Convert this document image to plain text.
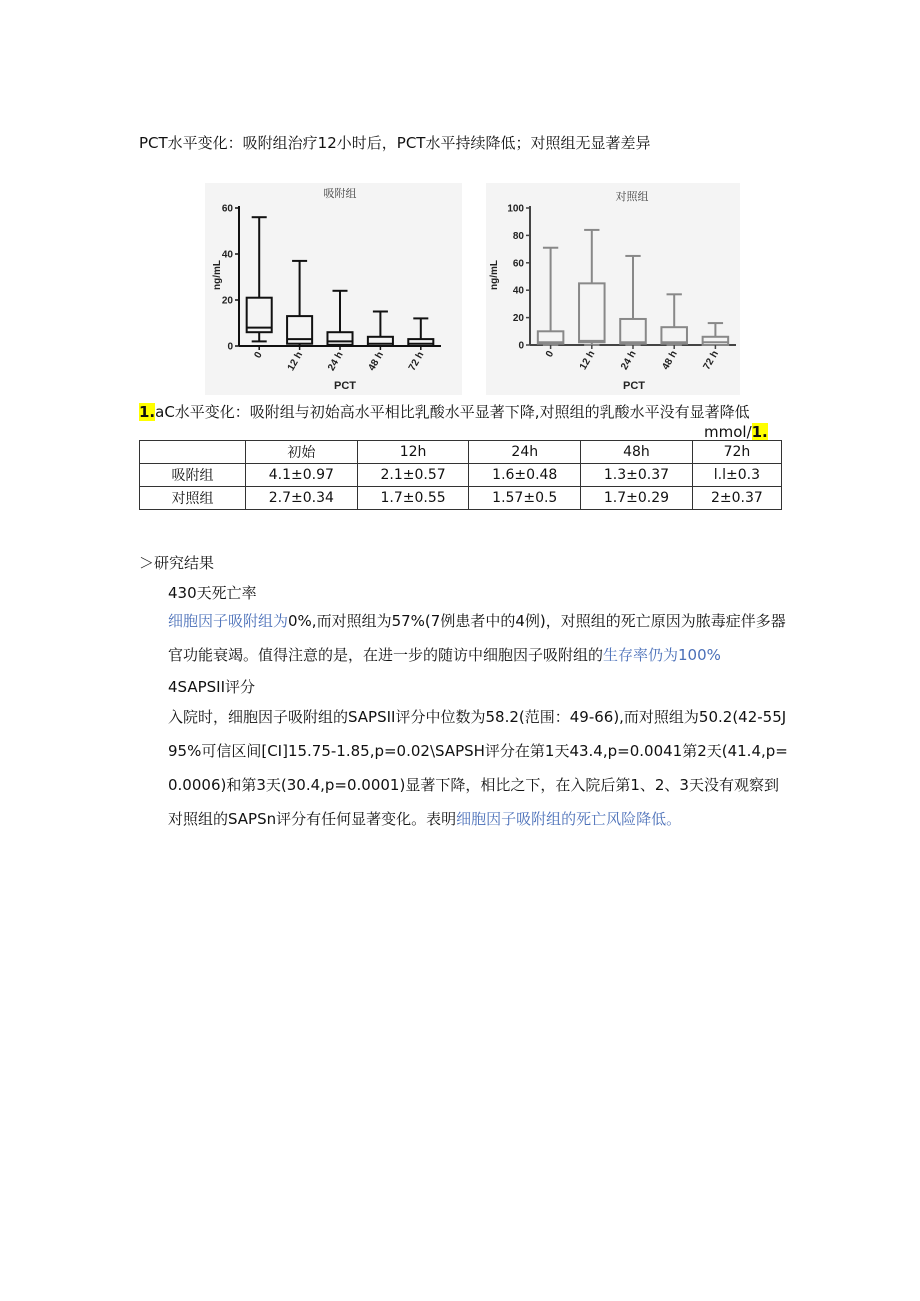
PCT水平变化：吸附组治疗12小时后，PCT水平持续降低；对照组无显著差异
吸附组
ng/mL
PCT
0
20
40
60
0 12 h 24 h 48 h 72 h
对照组
ng/mL
PCT
0
20
40
60
80
100
0 12 h 24 h 48 h 72 h
1.aC水平变化：吸附组与初始高水平相比乳酸水平显著下降,对照组的乳酸水平没有显著降低
mmol/1.
	初始	12h	24h	48h	72h
吸附组	4.1±0.97	2.1±0.57	1.6±0.48	1.3±0.37	l.l±0.3
对照组	2.7±0.34	1.7±0.55	1.57±0.5	1.7±0.29	2±0.37
＞研究结果
430天死亡率
细胞因子吸附组为0%,而对照组为57%(7例患者中的4例)，对照组的死亡原因为脓毒症伴多器官功能衰竭。值得注意的是，在进一步的随访中细胞因子吸附组的生存率仍为100%
4SAPSII评分
入院时，细胞因子吸附组的SAPSII评分中位数为58.2(范围：49-66),而对照组为50.2(42-55J95%可信区间[CI]15.75-1.85,p=0.02\SAPSH评分在第1天43.4,p=0.0041第2天(41.4,p=0.0006)和第3天(30.4,p=0.0001)显著下降，相比之下，在入院后第1、2、3天没有观察到对照组的SAPSn评分有任何显著变化。表明细胞因子吸附组的死亡风险降低。
